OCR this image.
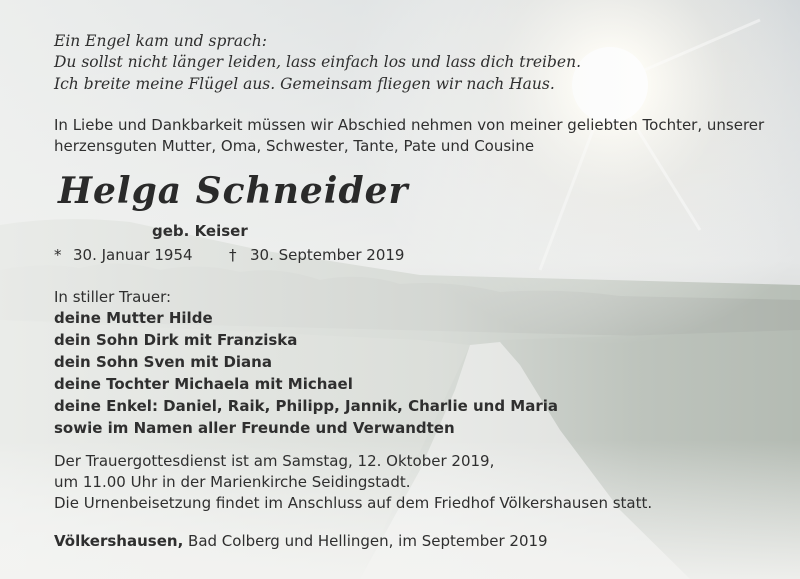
Ein Engel kam und sprach:
Du sollst nicht länger leiden, lass einfach los und lass dich treiben.
Ich breite meine Flügel aus. Gemeinsam fliegen wir nach Haus.
In Liebe und Dankbarkeit müssen wir Abschied nehmen von meiner geliebten Tochter, unserer
herzensguten Mutter, Oma, Schwester, Tante, Pate und Cousine
Helga Schneider
geb. Keiser
* 30. Januar 1954 † 30. September 2019
In stiller Trauer:
deine Mutter Hilde
dein Sohn Dirk mit Franziska
dein Sohn Sven mit Diana
deine Tochter Michaela mit Michael
deine Enkel: Daniel, Raik, Philipp, Jannik, Charlie und Maria
sowie im Namen aller Freunde und Verwandten
Der Trauergottesdienst ist am Samstag, 12. Oktober 2019,
um 11.00 Uhr in der Marienkirche Seidingstadt.
Die Urnenbeisetzung findet im Anschluss auf dem Friedhof Völkershausen statt.
Völkershausen, Bad Colberg und Hellingen, im September 2019
